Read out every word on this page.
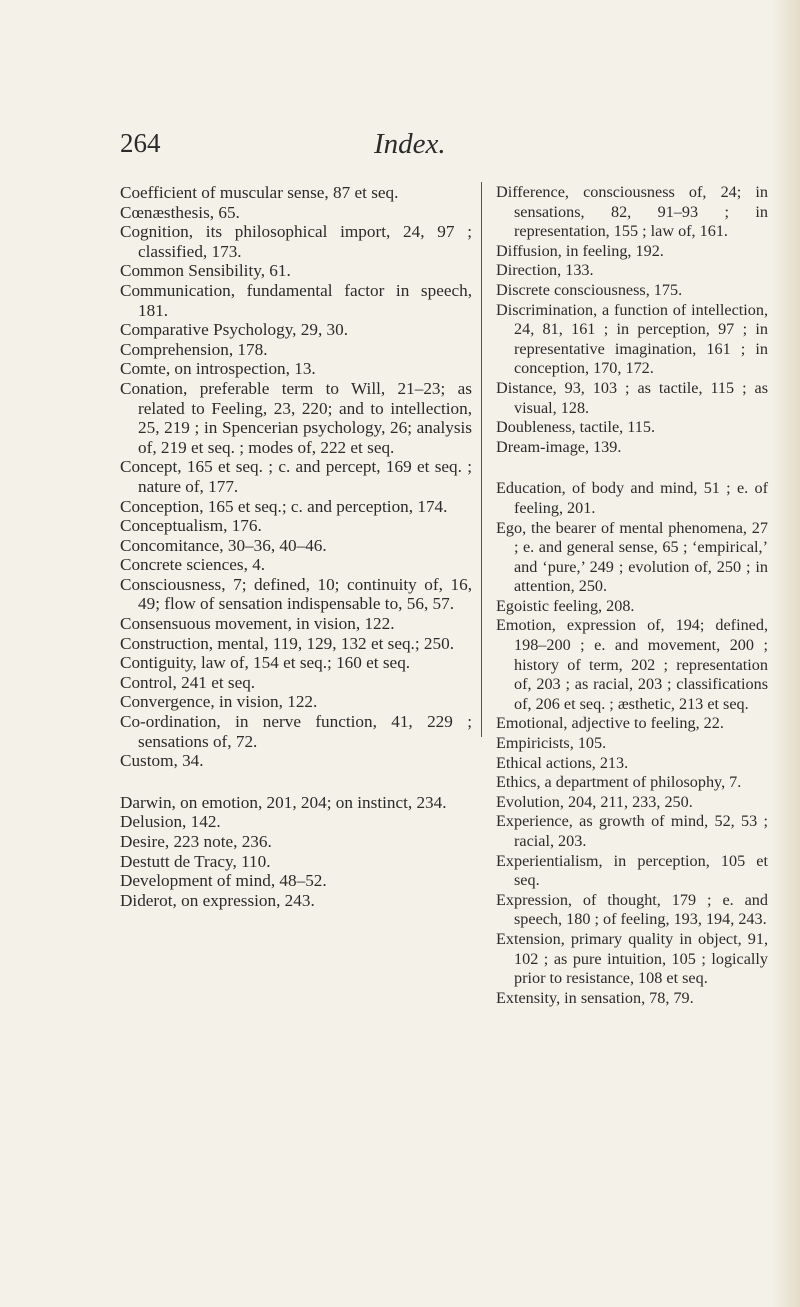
264	Index.
Coefficient of muscular sense, 87 et seq.
Cœnæsthesis, 65.
Cognition, its philosophical import, 24, 97 ; classified, 173.
Common Sensibility, 61.
Communication, fundamental factor in speech, 181.
Comparative Psychology, 29, 30.
Comprehension, 178.
Comte, on introspection, 13.
Conation, preferable term to Will, 21–23; as related to Feeling, 23, 220; and to intellection, 25, 219 ; in Spencerian psychology, 26; analysis of, 219 et seq. ; modes of, 222 et seq.
Concept, 165 et seq. ; c. and percept, 169 et seq. ; nature of, 177.
Conception, 165 et seq.; c. and perception, 174.
Conceptualism, 176.
Concomitance, 30–36, 40–46.
Concrete sciences, 4.
Consciousness, 7; defined, 10; continuity of, 16, 49; flow of sensation indispensable to, 56, 57.
Consensuous movement, in vision, 122.
Construction, mental, 119, 129, 132 et seq.; 250.
Contiguity, law of, 154 et seq.; 160 et seq.
Control, 241 et seq.
Convergence, in vision, 122.
Co-ordination, in nerve function, 41, 229 ; sensations of, 72.
Custom, 34.
Darwin, on emotion, 201, 204; on instinct, 234.
Delusion, 142.
Desire, 223 note, 236.
Destutt de Tracy, 110.
Development of mind, 48–52.
Diderot, on expression, 243.
Difference, consciousness of, 24; in sensations, 82, 91–93 ; in representation, 155 ; law of, 161.
Diffusion, in feeling, 192.
Direction, 133.
Discrete consciousness, 175.
Discrimination, a function of intellection, 24, 81, 161 ; in perception, 97 ; in representative imagination, 161 ; in conception, 170, 172.
Distance, 93, 103 ; as tactile, 115 ; as visual, 128.
Doubleness, tactile, 115.
Dream-image, 139.
Education, of body and mind, 51 ; e. of feeling, 201.
Ego, the bearer of mental phenomena, 27 ; e. and general sense, 65 ; ‘empirical,’ and ‘pure,’ 249 ; evolution of, 250 ; in attention, 250.
Egoistic feeling, 208.
Emotion, expression of, 194; defined, 198–200 ; e. and movement, 200 ; history of term, 202 ; representation of, 203 ; as racial, 203 ; classifications of, 206 et seq. ; æsthetic, 213 et seq.
Emotional, adjective to feeling, 22.
Empiricists, 105.
Ethical actions, 213.
Ethics, a department of philosophy, 7.
Evolution, 204, 211, 233, 250.
Experience, as growth of mind, 52, 53 ; racial, 203.
Experientialism, in perception, 105 et seq.
Expression, of thought, 179 ; e. and speech, 180 ; of feeling, 193, 194, 243.
Extension, primary quality in object, 91, 102 ; as pure intuition, 105 ; logically prior to resistance, 108 et seq.
Extensity, in sensation, 78, 79.
